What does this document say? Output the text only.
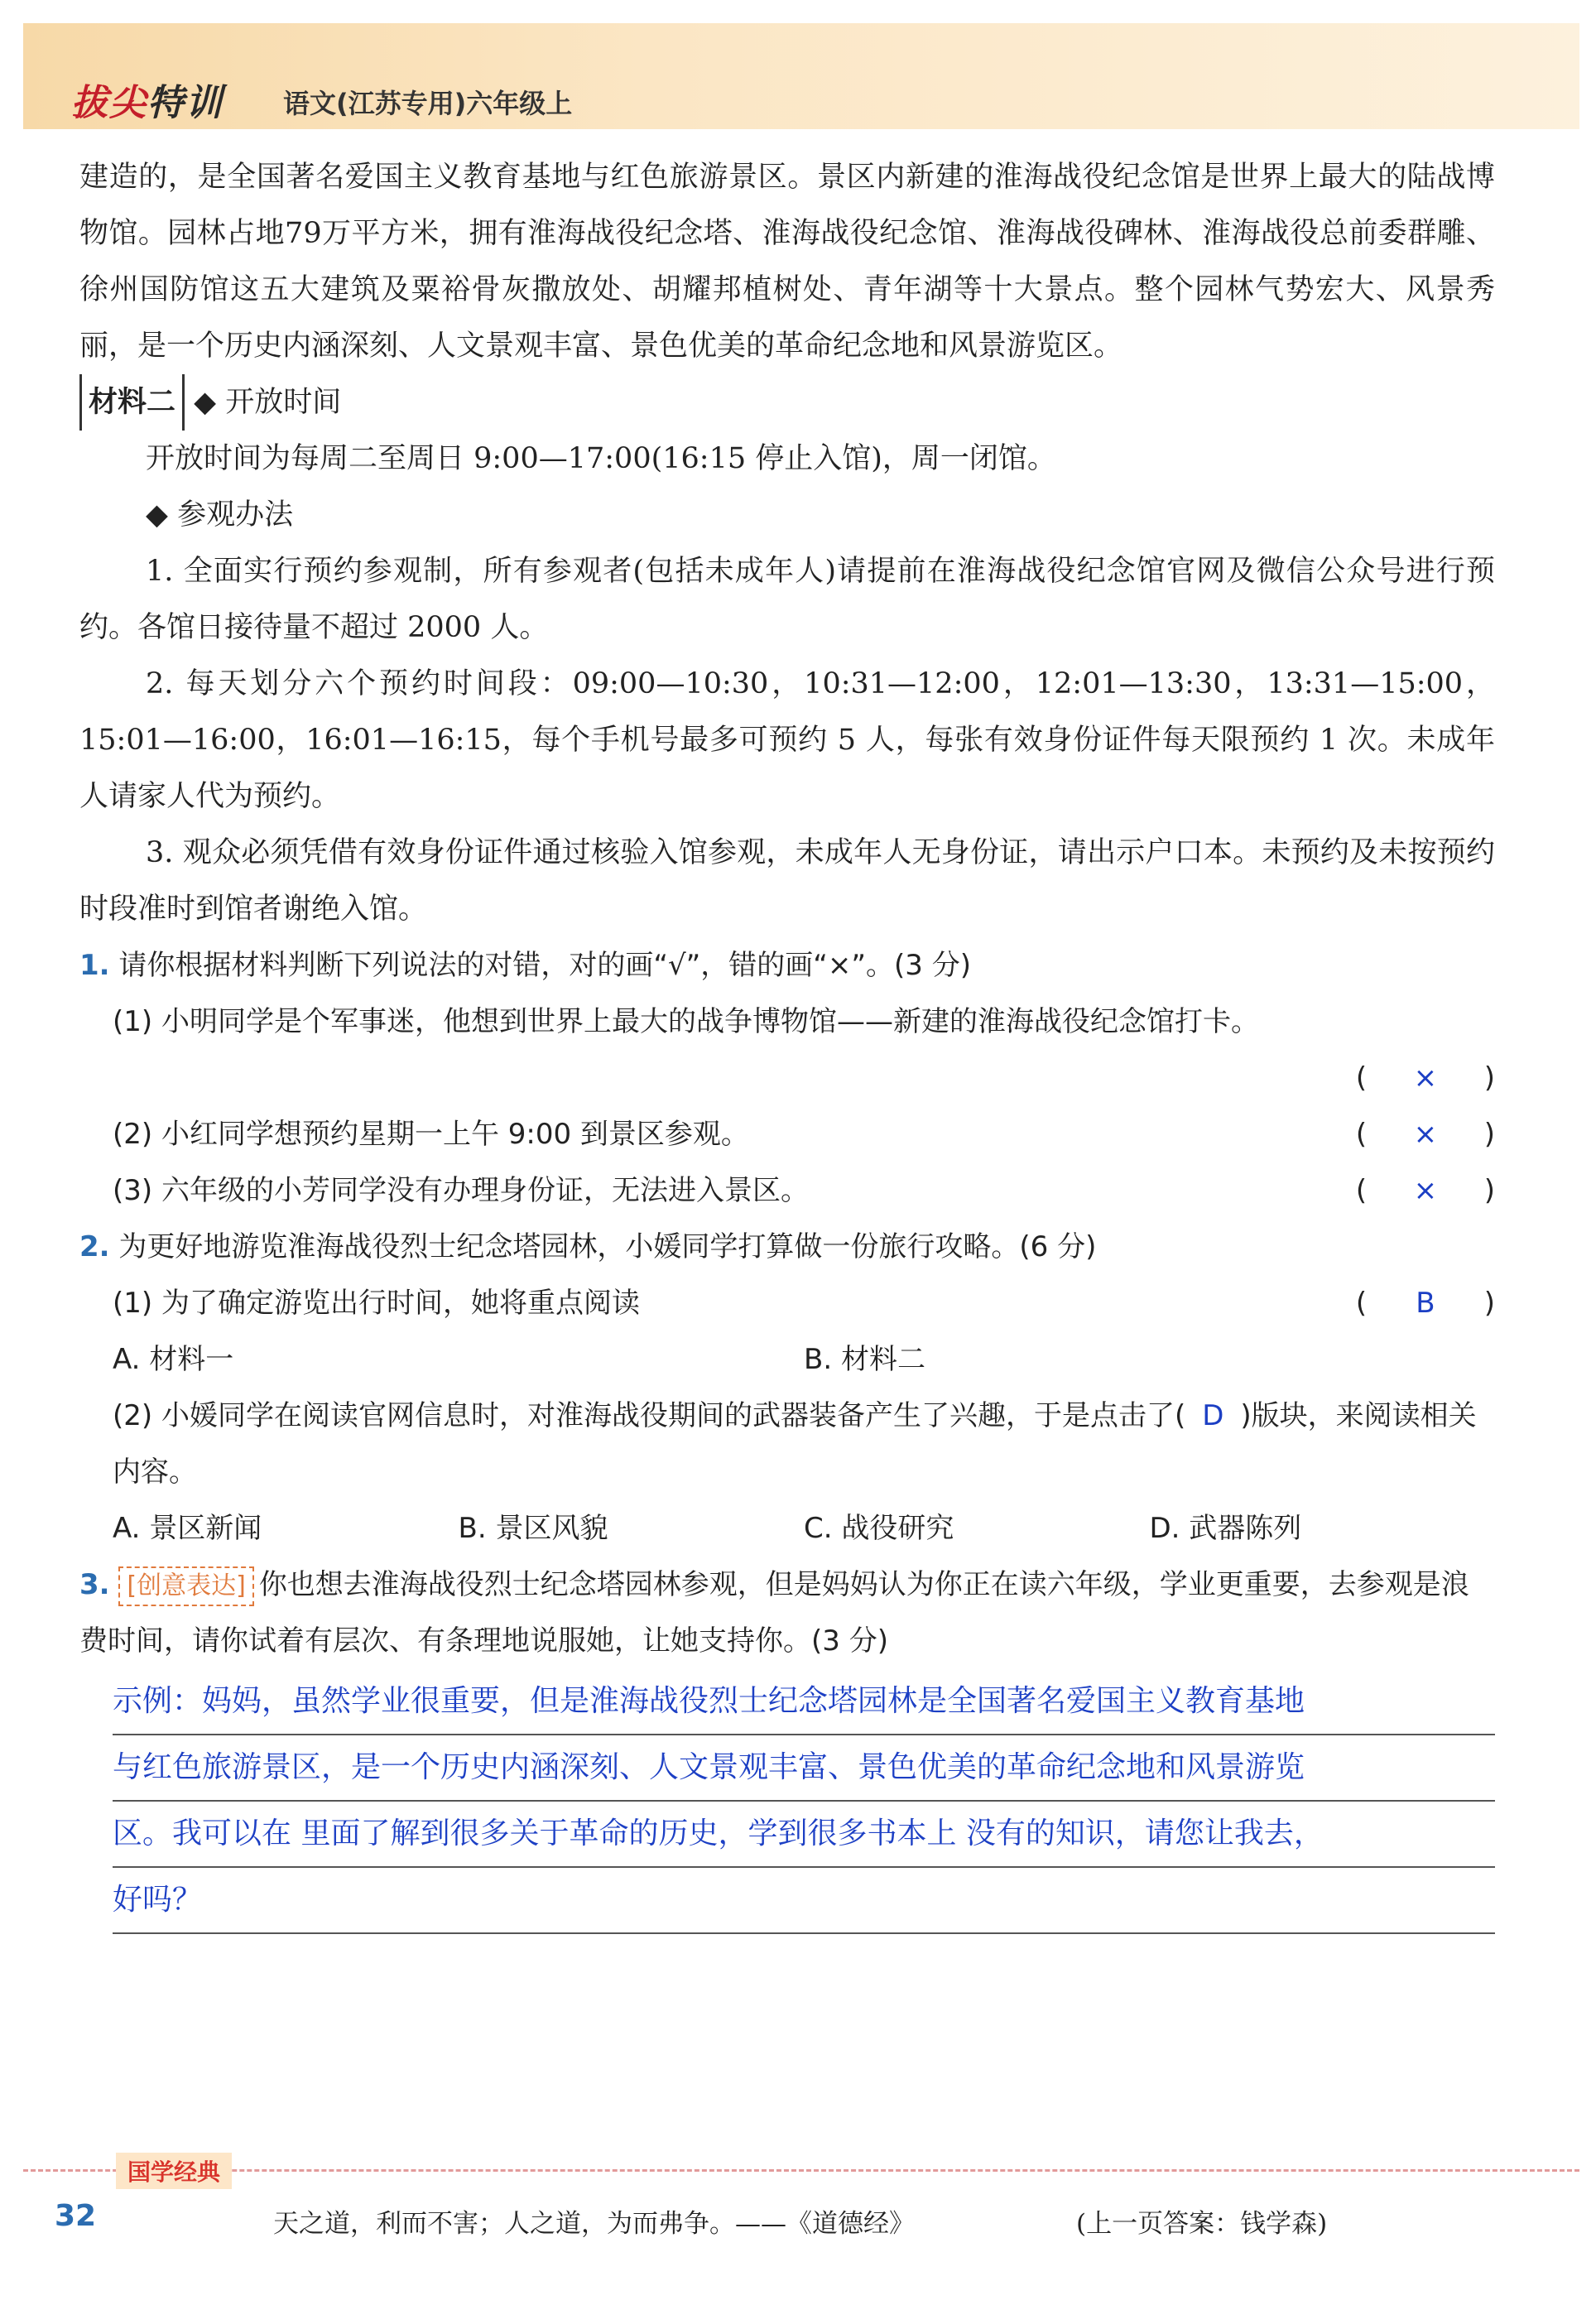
拔尖特训 语文(江苏专用)六年级上

建造的，是全国著名爱国主义教育基地与红色旅游景区。景区内新建的淮海战役纪念馆是世界上最大的陆战博物馆。园林占地79万平方米，拥有淮海战役纪念塔、淮海战役纪念馆、淮海战役碑林、淮海战役总前委群雕、徐州国防馆这五大建筑及粟裕骨灰撒放处、胡耀邦植树处、青年湖等十大景点。整个园林气势宏大、风景秀丽，是一个历史内涵深刻、人文景观丰富、景色优美的革命纪念地和风景游览区。

材料二 ◆ 开放时间

开放时间为每周二至周日 9:00—17:00(16:15 停止入馆)，周一闭馆。

◆ 参观办法

1. 全面实行预约参观制，所有参观者(包括未成年人)请提前在淮海战役纪念馆官网及微信公众号进行预约。各馆日接待量不超过 2000 人。

2. 每天划分六个预约时间段：09:00—10:30，10:31—12:00，12:01—13:30，13:31—15:00，15:01—16:00，16:01—16:15，每个手机号最多可预约 5 人，每张有效身份证件每天限预约 1 次。未成年人请家人代为预约。

3. 观众必须凭借有效身份证件通过核验入馆参观，未成年人无身份证，请出示户口本。未预约及未按预约时段准时到馆者谢绝入馆。

1. 请你根据材料判断下列说法的对错，对的画“√”，错的画“×”。(3 分)
(1) 小明同学是个军事迷，他想到世界上最大的战争博物馆——新建的淮海战役纪念馆打卡。
( × )
(2) 小红同学想预约星期一上午 9:00 到景区参观。	( × )
(3) 六年级的小芳同学没有办理身份证，无法进入景区。	( × )
2. 为更好地游览淮海战役烈士纪念塔园林，小媛同学打算做一份旅行攻略。(6 分)
(1) 为了确定游览出行时间，她将重点阅读	( B )
A. 材料一	B. 材料二
(2) 小媛同学在阅读官网信息时，对淮海战役期间的武器装备产生了兴趣，于是点击了( D )版块，来阅读相关内容。
A. 景区新闻	B. 景区风貌	C. 战役研究	D. 武器陈列
3. [创意表达] 你也想去淮海战役烈士纪念塔园林参观，但是妈妈认为你正在读六年级，学业更重要，去参观是浪费时间，请你试着有层次、有条理地说服她，让她支持你。(3 分)
示例：妈妈，虽然学业很重要，但是淮海战役烈士纪念塔园林是全国著名爱国主义教育基地
与红色旅游景区，是一个历史内涵深刻、人文景观丰富、景色优美的革命纪念地和风景游览
区。我可以在 里面了解到很多关于革命的历史，学到很多书本上 没有的知识，请您让我去，
好吗？
国学经典
32	天之道，利而不害；人之道，为而弗争。——《道德经》	(上一页答案：钱学森)
